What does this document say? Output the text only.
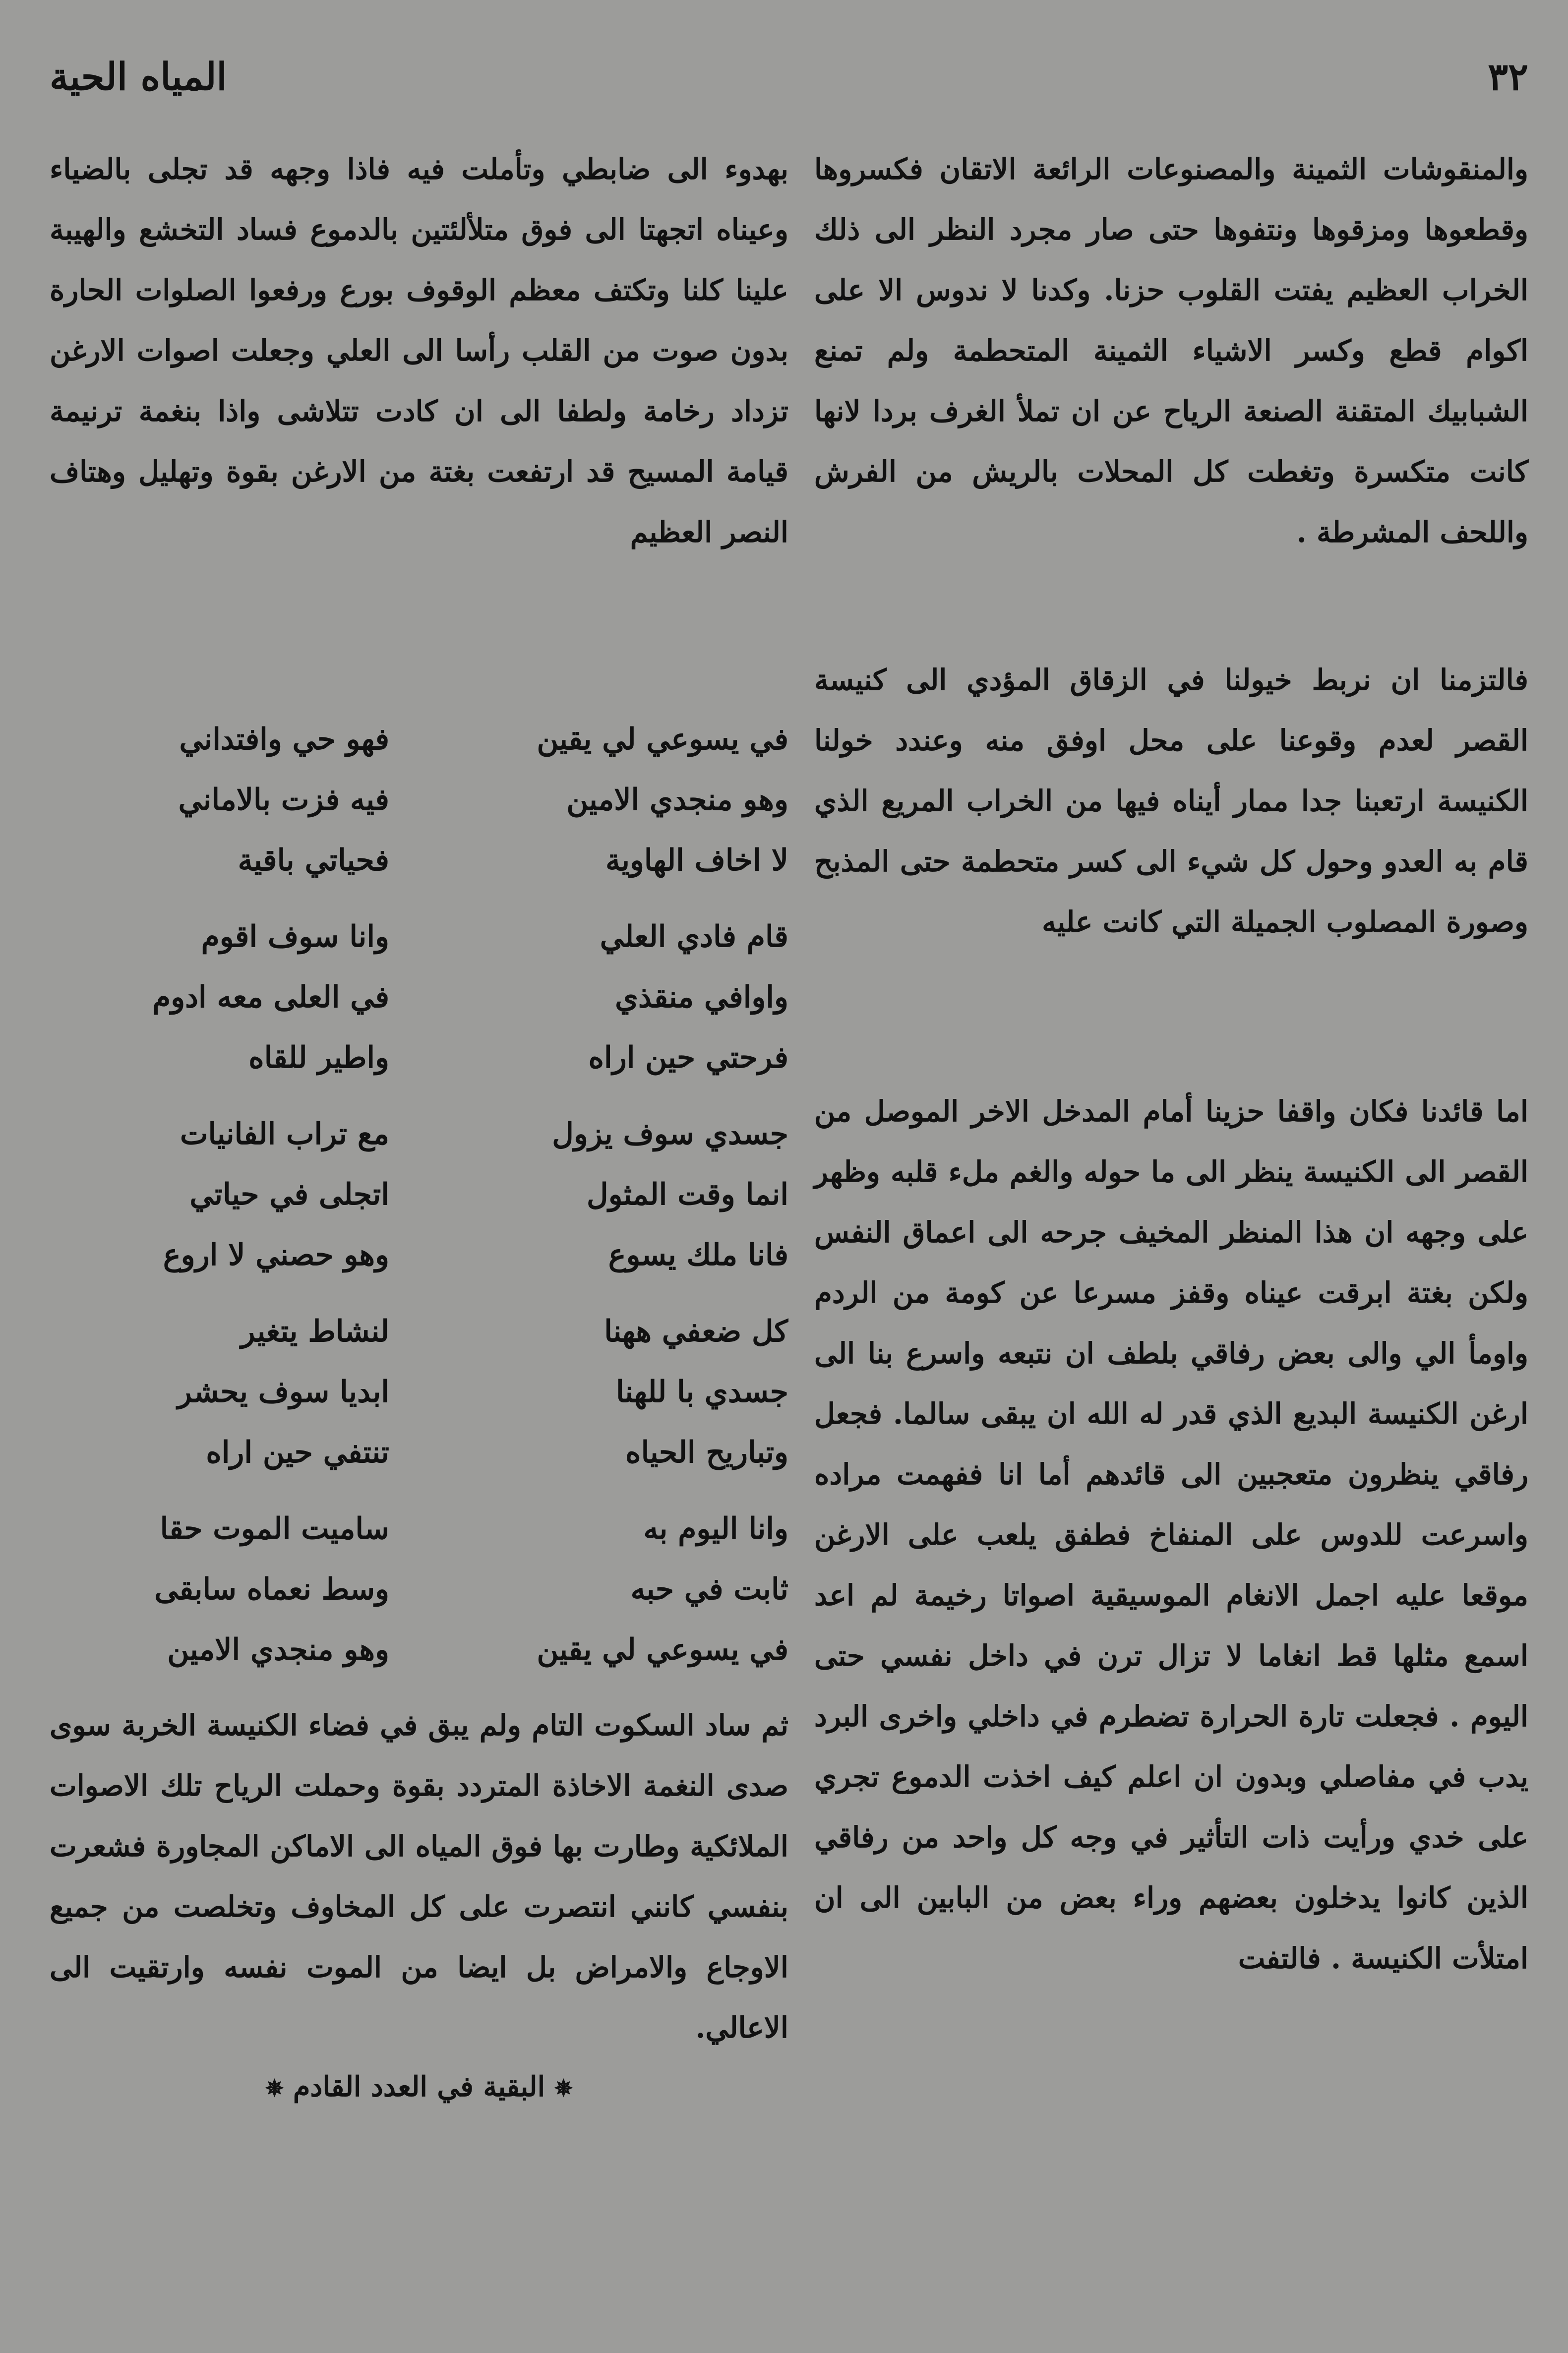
٣٢
المياه الحية

والمنقوشات الثمينة والمصنوعات الرائعة الاتقان فكسروها وقطعوها ومزقوها ونتفوها حتى صار مجرد النظر الى ذلك الخراب العظيم يفتت القلوب حزنا. وكدنا لا ندوس الا على اكوام قطع وكسر الاشياء الثمينة المتحطمة ولم تمنع الشبابيك المتقنة الصنعة الرياح عن ان تملأ الغرف بردا لانها كانت متكسرة وتغطت كل المحلات بالريش من الفرش واللحف المشرطة .

فالتزمنا ان نربط خيولنا في الزقاق المؤدي الى كنيسة القصر لعدم وقوعنا على محل اوفق منه وعندد خولنا الكنيسة ارتعبنا جدا ممار أيناه فيها من الخراب المريع الذي قام به العدو وحول كل شيء الى كسر متحطمة حتى المذبح وصورة المصلوب الجميلة التي كانت عليه

اما قائدنا فكان واقفا حزينا أمام المدخل الاخر الموصل من القصر الى الكنيسة ينظر الى ما حوله والغم ملء قلبه وظهر على وجهه ان هذا المنظر المخيف جرحه الى اعماق النفس ولكن بغتة ابرقت عيناه وقفز مسرعا عن كومة من الردم واومأ الي والى بعض رفاقي بلطف ان نتبعه واسرع بنا الى ارغن الكنيسة البديع الذي قدر له الله ان يبقى سالما. فجعل رفاقي ينظرون متعجبين الى قائدهم أما انا ففهمت مراده واسرعت للدوس على المنفاخ فطفق يلعب على الارغن موقعا عليه اجمل الانغام الموسيقية اصواتا رخيمة لم اعد اسمع مثلها قط انغاما لا تزال ترن في داخل نفسي حتى اليوم . فجعلت تارة الحرارة تضطرم في داخلي واخرى البرد يدب في مفاصلي وبدون ان اعلم كيف اخذت الدموع تجري على خدي ورأيت ذات التأثير في وجه كل واحد من رفاقي الذين كانوا يدخلون بعضهم وراء بعض من البابين الى ان امتلأت الكنيسة . فالتفت

بهدوء الى ضابطي وتأملت فيه فاذا وجهه قد تجلى بالضياء وعيناه اتجهتا الى فوق متلألئتين بالدموع فساد التخشع والهيبة علينا كلنا وتكتف معظم الوقوف بورع ورفعوا الصلوات الحارة بدون صوت من القلب رأسا الى العلي وجعلت اصوات الارغن تزداد رخامة ولطفا الى ان كادت تتلاشى واذا بنغمة ترنيمة قيامة المسيح قد ارتفعت بغتة من الارغن بقوة وتهليل وهتاف النصر العظيم

في يسوعي لي يقين
فهو حي وافتداني
وهو منجدي الامين
فيه فزت بالاماني
لا اخاف الهاوية
فحياتي باقية
قام فادي العلي
وانا سوف اقوم
واوافي منقذي
في العلى معه ادوم
فرحتي حين اراه
واطير للقاه
جسدي سوف يزول
مع تراب الفانيات
انما وقت المثول
اتجلى في حياتي
فانا ملك يسوع
وهو حصني لا اروع
كل ضعفي ههنا
لنشاط يتغير
جسدي با للهنا
ابديا سوف يحشر
وتباريح الحياه
تنتفي حين اراه
وانا اليوم به
ساميت الموت حقا
ثابت في حبه
وسط نعماه سابقى
في يسوعي لي يقين
وهو منجدي الامين

ثم ساد السكوت التام ولم يبق في فضاء الكنيسة الخربة سوى صدى النغمة الاخاذة المتردد بقوة وحملت الرياح تلك الاصوات الملائكية وطارت بها فوق المياه الى الاماكن المجاورة فشعرت بنفسي كانني انتصرت على كل المخاوف وتخلصت من جميع الاوجاع والامراض بل ايضا من الموت نفسه وارتقيت الى الاعالي.

✵البقية في العدد القادم✵
